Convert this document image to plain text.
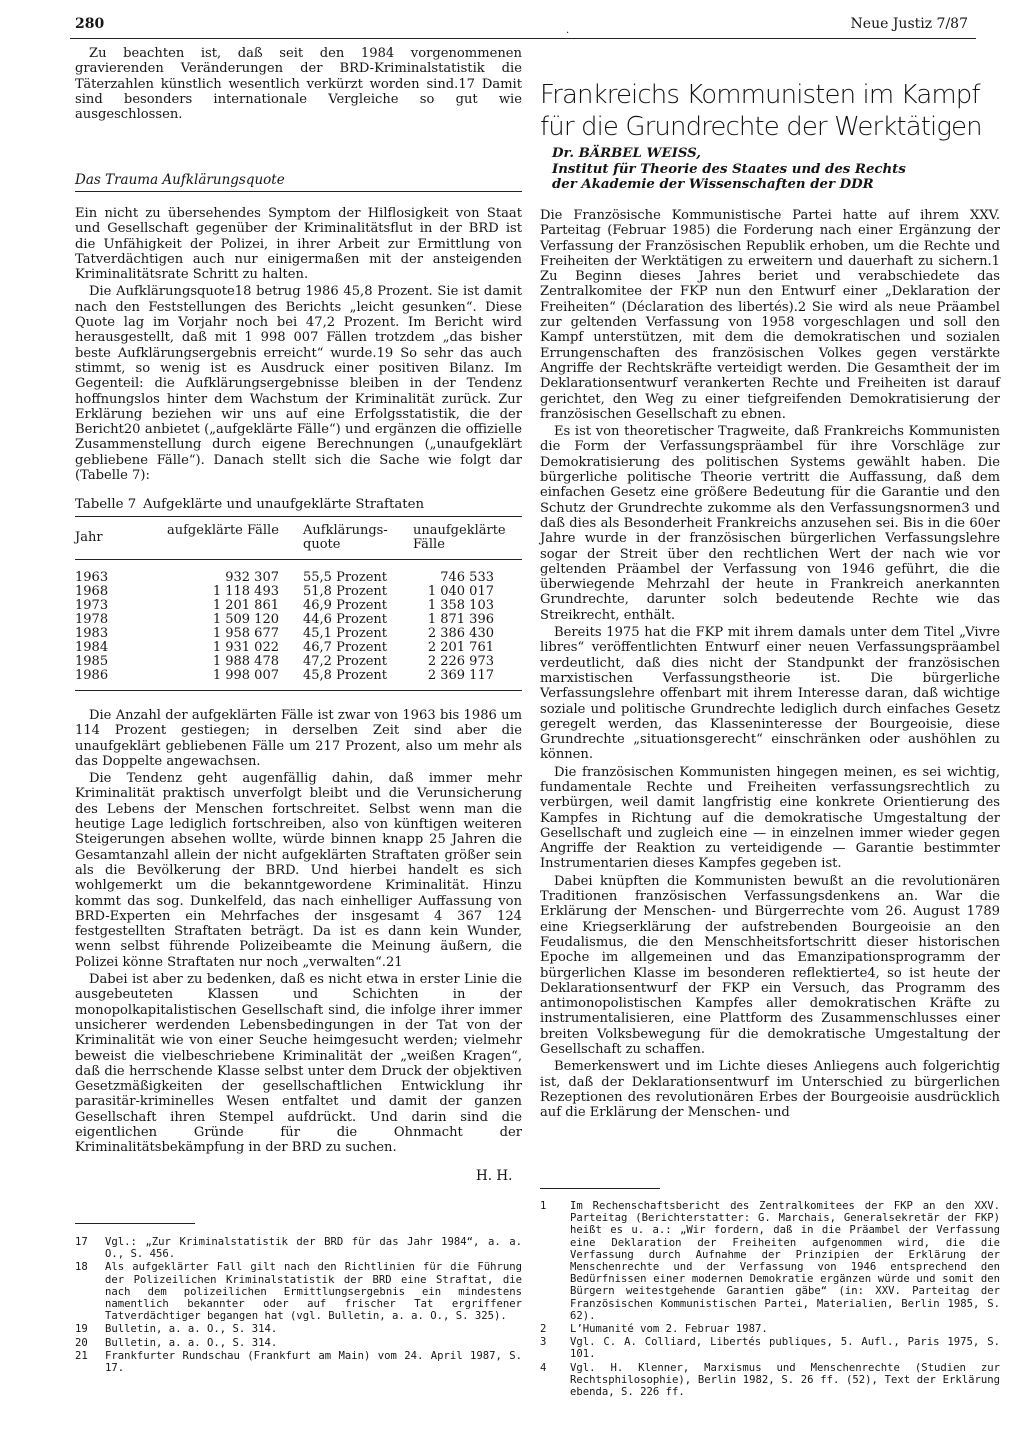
280	.	Neue Justiz 7/87

Zu beachten ist, daß seit den 1984 vorgenommenen gravierenden Veränderungen der BRD-Kriminalstatistik die Täterzahlen künstlich wesentlich verkürzt worden sind.17 Damit sind besonders internationale Vergleiche so gut wie ausgeschlossen.

Das Trauma Aufklärungsquote

Ein nicht zu übersehendes Symptom der Hilflosigkeit von Staat und Gesellschaft gegenüber der Kriminalitätsflut in der BRD ist die Unfähigkeit der Polizei, in ihrer Arbeit zur Ermittlung von Tatverdächtigen auch nur einigermaßen mit der ansteigenden Kriminalitätsrate Schritt zu halten.

Die Aufklärungsquote18 betrug 1986 45,8 Prozent. Sie ist damit nach den Feststellungen des Berichts „leicht gesunken“. Diese Quote lag im Vorjahr noch bei 47,2 Prozent. Im Bericht wird herausgestellt, daß mit 1 998 007 Fällen trotzdem „das bisher beste Aufklärungsergebnis erreicht“ wurde.19 So sehr das auch stimmt, so wenig ist es Ausdruck einer positiven Bilanz. Im Gegenteil: die Aufklärungsergebnisse bleiben in der Tendenz hoffnungslos hinter dem Wachstum der Kriminalität zurück. Zur Erklärung beziehen wir uns auf eine Erfolgsstatistik, die der Bericht20 anbietet („aufgeklärte Fälle“) und ergänzen die offizielle Zusammenstellung durch eigene Berechnungen („unaufgeklärt gebliebene Fälle“). Danach stellt sich die Sache wie folgt dar (Tabelle 7):

Tabelle 7 Aufgeklärte und unaufgeklärte Straftaten
Jahr	aufgeklärte Fälle	Aufklärungs-quote	unaufgeklärte Fälle
1963	932 307	55,5 Prozent	746 533
1968	1 118 493	51,8 Prozent	1 040 017
1973	1 201 861	46,9 Prozent	1 358 103
1978	1 509 120	44,6 Prozent	1 871 396
1983	1 958 677	45,1 Prozent	2 386 430
1984	1 931 022	46,7 Prozent	2 201 761
1985	1 988 478	47,2 Prozent	2 226 973
1986	1 998 007	45,8 Prozent	2 369 117

Die Anzahl der aufgeklärten Fälle ist zwar von 1963 bis 1986 um 114 Prozent gestiegen; in derselben Zeit sind aber die unaufgeklärt gebliebenen Fälle um 217 Prozent, also um mehr als das Doppelte angewachsen.

Die Tendenz geht augenfällig dahin, daß immer mehr Kriminalität praktisch unverfolgt bleibt und die Verunsicherung des Lebens der Menschen fortschreitet. Selbst wenn man die heutige Lage lediglich fortschreiben, also von künftigen weiteren Steigerungen absehen wollte, würde binnen knapp 25 Jahren die Gesamtanzahl allein der nicht aufgeklärten Straftaten größer sein als die Bevölkerung der BRD. Und hierbei handelt es sich wohlgemerkt um die bekanntgewordene Kriminalität. Hinzu kommt das sog. Dunkelfeld, das nach einhelliger Auffassung von BRD-Experten ein Mehrfaches der insgesamt 4 367 124 festgestellten Straftaten beträgt. Da ist es dann kein Wunder, wenn selbst führende Polizeibeamte die Meinung äußern, die Polizei könne Straftaten nur noch „verwalten“.21

Dabei ist aber zu bedenken, daß es nicht etwa in erster Linie die ausgebeuteten Klassen und Schichten in der monopolkapitalistischen Gesellschaft sind, die infolge ihrer immer unsicherer werdenden Lebensbedingungen in der Tat von der Kriminalität wie von einer Seuche heimgesucht werden; vielmehr beweist die vielbeschriebene Kriminalität der „weißen Kragen“, daß die herrschende Klasse selbst unter dem Druck der objektiven Gesetzmäßigkeiten der gesellschaftlichen Entwicklung ihr parasitär-kriminelles Wesen entfaltet und damit der ganzen Gesellschaft ihren Stempel aufdrückt. Und darin sind die eigentlichen Gründe für die Ohnmacht der Kriminalitätsbekämpfung in der BRD zu suchen.

H. H.
17	Vgl.: „Zur Kriminalstatistik der BRD für das Jahr 1984“, a. a. O., S. 456.
18	Als aufgeklärter Fall gilt nach den Richtlinien für die Führung der Polizeilichen Kriminalstatistik der BRD eine Straftat, die nach dem polizeilichen Ermittlungsergebnis ein mindestens namentlich bekannter oder auf frischer Tat ergriffener Tatverdächtiger begangen hat (vgl. Bulletin, a. a. O., S. 325).
19	Bulletin, a. a. O., S. 314.
20	Bulletin, a. a. O., S. 314.
21	Frankfurter Rundschau (Frankfurt am Main) vom 24. April 1987, S. 17.
Frankreichs Kommunisten im Kampf für die Grundrechte der Werktätigen
Dr. BÄRBEL WEISS,
Institut für Theorie des Staates und des Rechts
der Akademie der Wissenschaften der DDR

Die Französische Kommunistische Partei hatte auf ihrem XXV. Parteitag (Februar 1985) die Forderung nach einer Ergänzung der Verfassung der Französischen Republik erhoben, um die Rechte und Freiheiten der Werktätigen zu erweitern und dauerhaft zu sichern.1 Zu Beginn dieses Jahres beriet und verabschiedete das Zentralkomitee der FKP nun den Entwurf einer „Deklaration der Freiheiten“ (Déclaration des libertés).2 Sie wird als neue Präambel zur geltenden Verfassung von 1958 vorgeschlagen und soll den Kampf unterstützen, mit dem die demokratischen und sozialen Errungenschaften des französischen Volkes gegen verstärkte Angriffe der Rechtskräfte verteidigt werden. Die Gesamtheit der im Deklarationsentwurf verankerten Rechte und Freiheiten ist darauf gerichtet, den Weg zu einer tiefgreifenden Demokratisierung der französischen Gesellschaft zu ebnen.

Es ist von theoretischer Tragweite, daß Frankreichs Kommunisten die Form der Verfassungspräambel für ihre Vorschläge zur Demokratisierung des politischen Systems gewählt haben. Die bürgerliche politische Theorie vertritt die Auffassung, daß dem einfachen Gesetz eine größere Bedeutung für die Garantie und den Schutz der Grundrechte zukomme als den Verfassungsnormen3 und daß dies als Besonderheit Frankreichs anzusehen sei. Bis in die 60er Jahre wurde in der französischen bürgerlichen Verfassungslehre sogar der Streit über den rechtlichen Wert der nach wie vor geltenden Präambel der Verfassung von 1946 geführt, die die überwiegende Mehrzahl der heute in Frankreich anerkannten Grundrechte, darunter solch bedeutende Rechte wie das Streikrecht, enthält.

Bereits 1975 hat die FKP mit ihrem damals unter dem Titel „Vivre libres“ veröffentlichten Entwurf einer neuen Verfassungspräambel verdeutlicht, daß dies nicht der Standpunkt der französischen marxistischen Verfassungstheorie ist. Die bürgerliche Verfassungslehre offenbart mit ihrem Interesse daran, daß wichtige soziale und politische Grundrechte lediglich durch einfaches Gesetz geregelt werden, das Klasseninteresse der Bourgeoisie, diese Grundrechte „situationsgerecht“ einschränken oder aushöhlen zu können.

Die französischen Kommunisten hingegen meinen, es sei wichtig, fundamentale Rechte und Freiheiten verfassungsrechtlich zu verbürgen, weil damit langfristig eine konkrete Orientierung des Kampfes in Richtung auf die demokratische Umgestaltung der Gesellschaft und zugleich eine — in einzelnen immer wieder gegen Angriffe der Reaktion zu verteidigende — Garantie bestimmter Instrumentarien dieses Kampfes gegeben ist.

Dabei knüpften die Kommunisten bewußt an die revolutionären Traditionen französischen Verfassungsdenkens an. War die Erklärung der Menschen- und Bürgerrechte vom 26. August 1789 eine Kriegserklärung der aufstrebenden Bourgeoisie an den Feudalismus, die den Menschheitsfortschritt dieser historischen Epoche im allgemeinen und das Emanzipationsprogramm der bürgerlichen Klasse im besonderen reflektierte4, so ist heute der Deklarationsentwurf der FKP ein Versuch, das Programm des antimonopolistischen Kampfes aller demokratischen Kräfte zu instrumentalisieren, eine Plattform des Zusammenschlusses einer breiten Volksbewegung für die demokratische Umgestaltung der Gesellschaft zu schaffen.

Bemerkenswert und im Lichte dieses Anliegens auch folgerichtig ist, daß der Deklarationsentwurf im Unterschied zu bürgerlichen Rezeptionen des revolutionären Erbes der Bourgeoisie ausdrücklich auf die Erklärung der Menschen- und

1	Im Rechenschaftsbericht des Zentralkomitees der FKP an den XXV. Parteitag (Berichterstatter: G. Marchais, Generalsekretär der FKP) heißt es u. a.: „Wir fordern, daß in die Präambel der Verfassung eine Deklaration der Freiheiten aufgenommen wird, die die Verfassung durch Aufnahme der Prinzipien der Erklärung der Menschenrechte und der Verfassung von 1946 entsprechend den Bedürfnissen einer modernen Demokratie ergänzen würde und somit den Bürgern weitestgehende Garantien gäbe“ (in: XXV. Parteitag der Französischen Kommunistischen Partei, Materialien, Berlin 1985, S. 62).
2	L’Humanité vom 2. Februar 1987.
3	Vgl. C. A. Colliard, Libertés publiques, 5. Aufl., Paris 1975, S. 101.
4	Vgl. H. Klenner, Marxismus und Menschenrechte (Studien zur Rechtsphilosophie), Berlin 1982, S. 26 ff. (52), Text der Erklärung ebenda, S. 226 ff.
